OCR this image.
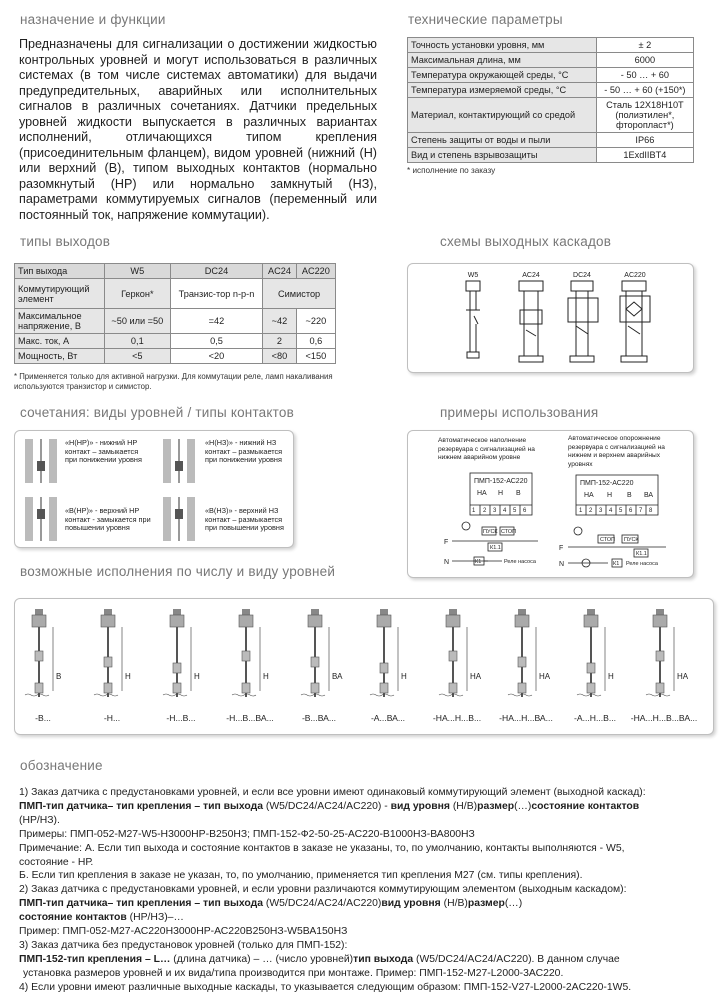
назначение и функции
Предназначены для сигнализации о достижении жидкостью контрольных уровней и могут использоваться в различных системах (в том числе системах автоматики) для выдачи предупредительных, аварийных или исполнительных сигналов в различных сочетаниях. Датчики предельных уровней жидкости выпускается в различных вариантах исполнений, отличающихся типом крепления (присоединительным фланцем), видом уровней (нижний (Н) или верхний (В), типом выходных контактов (нормально разомкнутый (НР) или нормально замкнутый (НЗ), параметрами коммутируемых сигналов (переменный или постоянный ток, напряжение коммутации).
технические параметры
Точность установки уровня, мм	± 2
Максимальная длина, мм	6000
Температура окружающей среды, °С	- 50 … + 60
Температура измеряемой среды, °С	- 50 … + 60 (+150*)
Материал, контактирующий со средой	Сталь 12Х18Н10Т (полиэтилен*, фторопласт*)
Степень защиты от воды и пыли	IP66
Вид и степень взрывозащиты	1ExdIIBT4
* исполнение по заказу
типы выходов
Тип выхода	W5	DC24	AC24	AC220
Коммутирующий элемент	Геркон*	Транзис-тор n-p-n	Симистор	
Максимальное напряжение, В	~50 или =50	=42	~42	~220
Макс. ток, А	0,1	0,5	2	0,6
Мощность, Вт	<5	<20	<80	<150
* Применяется только для активной нагрузки. Для коммутации реле, ламп накаливания используются транзистор и симистор.
схемы выходных каскадов
W5	AC24	DC24	AC220
сочетания: виды уровней / типы контактов
«Н(НР)» - нижний НР контакт – замыкается при понижении уровня
«Н(НЗ)» - нижний НЗ контакт – размыкается при понижении уровня
«В(НР)» - верхний НР контакт - замыкается при повышении уровня
«В(НЗ)» - верхний НЗ контакт – размыкается при повышении уровня
примеры использования
Автоматическое наполнение резервуара с сигнализацией на нижнем аварийном уровне
Автоматическое опорожнение резервуара с сигнализацией на нижнем и верхнем аварийных уровнях
ПМП-152-АС220
НА Н В
1 2 3 4 5 6
F
N
ПУСК СТОП
К1.1
К1	Реле насоса
ПМП-152-АС220
НА Н В ВА
1 2 3 4 5 6 7 8
F
N
ПУСК
СТОП
К1.1
К1 Реле насоса
возможные исполнения по числу и виду уровней
-В...
В
-Н...
Н
-Н...В...
Н
-Н...В...ВА...
Н
-В...ВА...
ВА
-А...ВА...
Н
-НА...Н...В...
НА
-НА...Н...ВА...
НА
-А...Н...В...
Н
-НА...Н...В...ВА...
НА
обозначение
1) Заказ датчика с предустановками уровней, и если все уровни имеют одинаковый коммутирующий элемент (выходной каскад):
ПМП-тип датчика– тип крепления – тип выхода (W5/DC24/AC24/AC220) - вид уровня (Н/В)размер(…)состояние контактов
(НР/НЗ).
Примеры: ПМП-052-М27-W5-Н3000НР-В250НЗ; ПМП-152-Ф2-50-25-АС220-В1000НЗ-ВА800НЗ
Примечание: А. Если тип выхода и состояние контактов в заказе не указаны, то, по умолчанию, контакты выполняются - W5,
состояние - НР.
Б. Если тип крепления в заказе не указан, то, по умолчанию, применяется тип крепления М27 (см. типы крепления).
2) Заказ датчика с предустановками уровней, и если уровни различаются коммутирующим элементом (выходным каскадом):
ПМП-тип датчика– тип крепления – тип выхода (W5/DC24/AC24/AC220)вид уровня (Н/В)размер(…)
состояние контактов (НР/НЗ)–…
Пример: ПМП-052-М27-АС220Н3000НР-АС220В250НЗ-W5ВА150НЗ
3) Заказ датчика без предустановок уровней (только для ПМП-152):
ПМП-152-тип крепления – L… (длина датчика) – … (число уровней)тип выхода (W5/DC24/AC24/AC220). В данном случае
установка размеров уровней и их вида/типа производится при монтаже. Пример: ПМП-152-М27-L2000-3АС220.
4) Если уровни имеют различные выходные каскады, то указывается следующим образом: ПМП-152-V27-L2000-2AC220-1W5.
